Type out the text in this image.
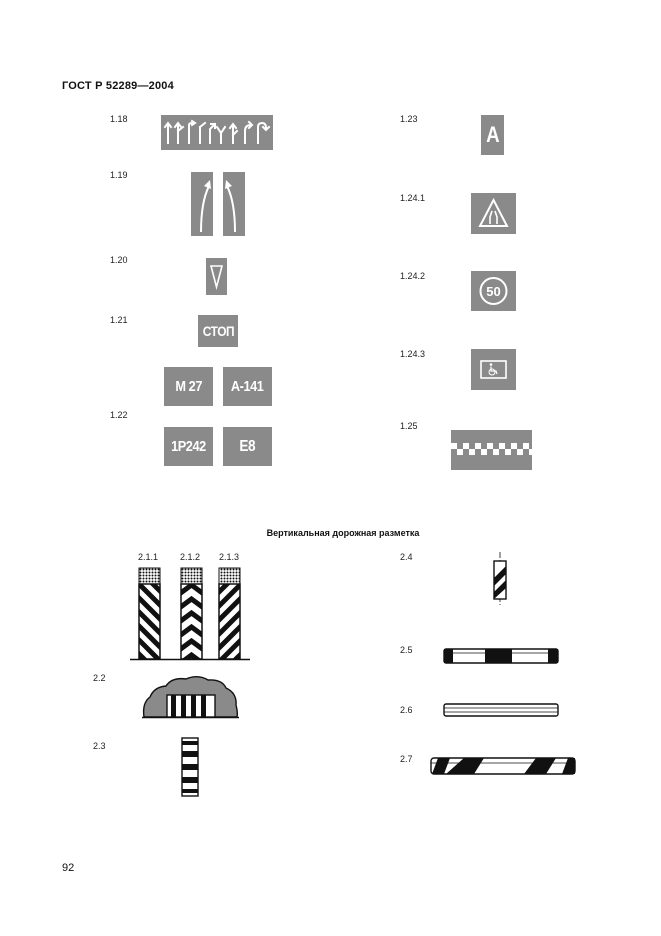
ГОСТ Р 52289—2004
1.18
1.19
1.20
1.21
1.22
СТОП
М 27 А-141
1Р242 Е8
1.23
1.24.1
1.24.2
1.24.3
1.25
А
50
Вертикальная дорожная разметка
2.1.1 2.1.2 2.1.3
2.2
2.3
2.4
2.5
2.6
2.7
92
